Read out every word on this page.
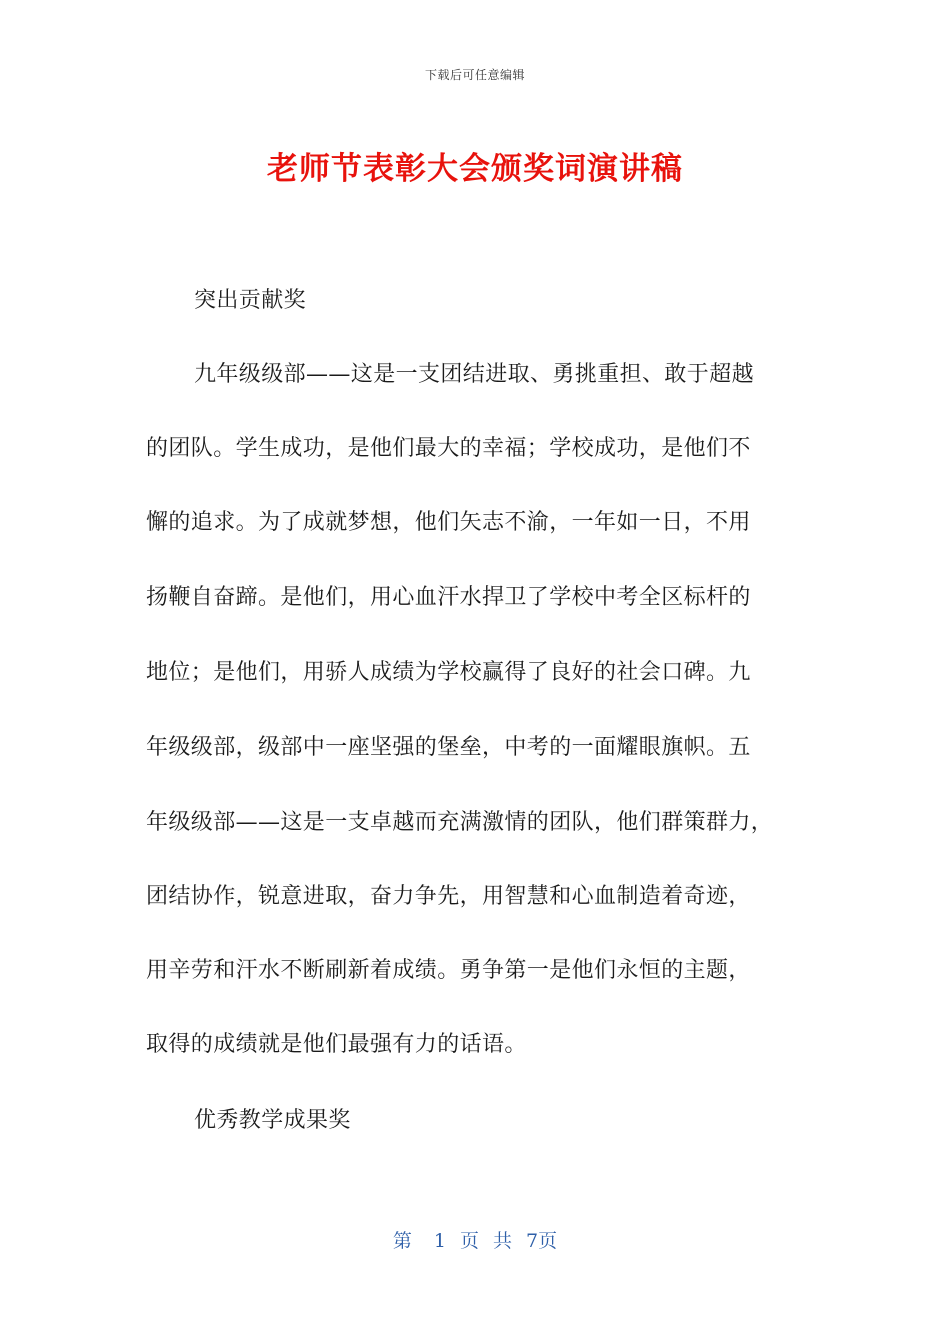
下载后可任意编辑
老师节表彰大会颁奖词演讲稿
突出贡献奖
九年级级部——这是一支团结进取、勇挑重担、敢于超越
的团队。学生成功，是他们最大的幸福；学校成功，是他们不
懈的追求。为了成就梦想，他们矢志不渝，一年如一日，不用
扬鞭自奋蹄。是他们，用心血汗水捍卫了学校中考全区标杆的
地位；是他们，用骄人成绩为学校赢得了良好的社会口碑。九
年级级部，级部中一座坚强的堡垒，中考的一面耀眼旗帜。五
年级级部——这是一支卓越而充满激情的团队，他们群策群力，
团结协作，锐意进取，奋力争先，用智慧和心血制造着奇迹，
用辛劳和汗水不断刷新着成绩。勇争第一是他们永恒的主题，
取得的成绩就是他们最强有力的话语。
优秀教学成果奖
第 1 页 共 7页
